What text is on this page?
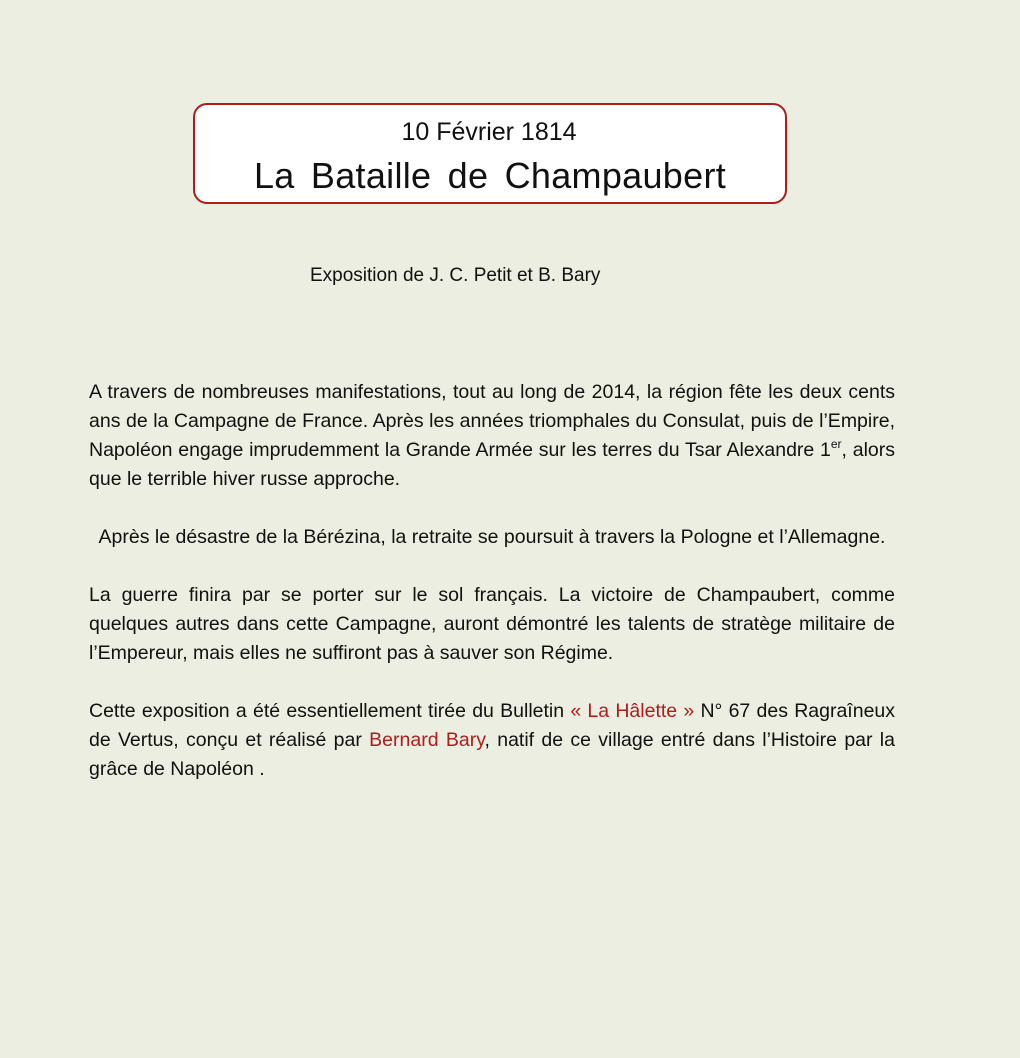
10 Février 1814
La Bataille de Champaubert
Exposition de J. C. Petit et B. Bary

A travers de nombreuses manifestations, tout au long de 2014, la région fête les deux cents ans de la Campagne de France. Après les années triomphales du Consulat, puis de l’Empire, Napoléon engage imprudemment la Grande Armée sur les terres du Tsar Alexandre 1er, alors que le terrible hiver russe approche.

Après le désastre de la Bérézina, la retraite se poursuit à travers la Pologne et l’Allemagne.

La guerre finira par se porter sur le sol français. La victoire de Champaubert, comme quelques autres dans cette Campagne, auront démontré les talents de stratège militaire de l’Empereur, mais elles ne suffiront pas à sauver son Régime.

Cette exposition a été essentiellement tirée du Bulletin « La Hâlette » N° 67 des Ragraîneux de Vertus, conçu et réalisé par Bernard Bary, natif de ce village entré dans l’Histoire par la grâce de Napoléon .
